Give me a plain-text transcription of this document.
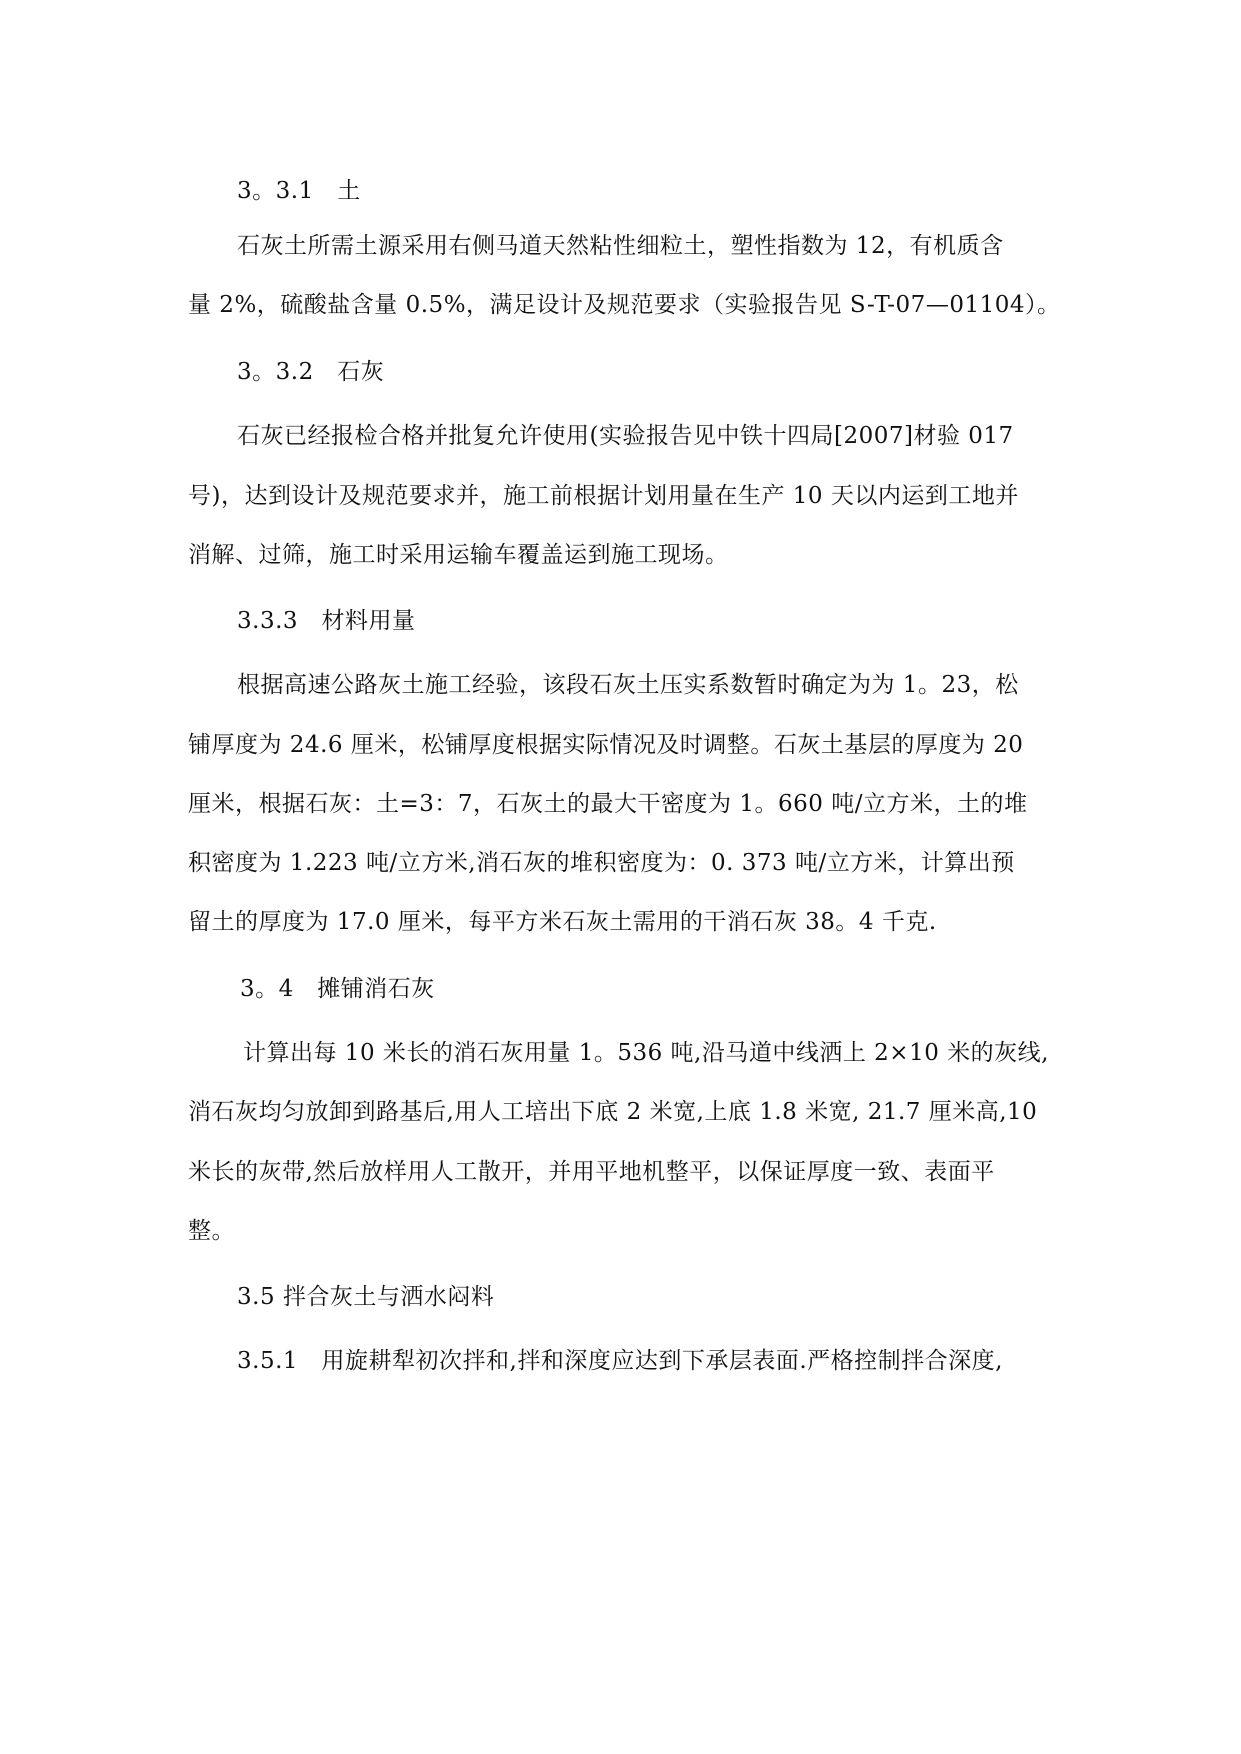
3。3.1　土
石灰土所需土源采用右侧马道天然粘性细粒土，塑性指数为 12，有机质含
量 2%，硫酸盐含量 0.5%，满足设计及规范要求（实验报告见 S-T-07—01104）。
3。3.2　石灰
石灰已经报检合格并批复允许使用(实验报告见中铁十四局[2007]材验 017
号)，达到设计及规范要求并，施工前根据计划用量在生产 10 天以内运到工地并
消解、过筛，施工时采用运输车覆盖运到施工现场。
3.3.3　材料用量
根据高速公路灰土施工经验，该段石灰土压实系数暂时确定为为 1。23，松
铺厚度为 24.6 厘米，松铺厚度根据实际情况及时调整。石灰土基层的厚度为 20
厘米，根据石灰：土=3：7，石灰土的最大干密度为 1。660 吨/立方米，土的堆
积密度为 1.223 吨/立方米,消石灰的堆积密度为：0. 373 吨/立方米，计算出预
留土的厚度为 17.0 厘米，每平方米石灰土需用的干消石灰 38。4 千克.
3。4　摊铺消石灰
计算出每 10 米长的消石灰用量 1。536 吨,沿马道中线洒上 2×10 米的灰线,
消石灰均匀放卸到路基后,用人工培出下底 2 米宽,上底 1.8 米宽, 21.7 厘米高,10
米长的灰带,然后放样用人工散开，并用平地机整平，以保证厚度一致、表面平
整。
3.5 拌合灰土与洒水闷料
3.5.1　用旋耕犁初次拌和,拌和深度应达到下承层表面.严格控制拌合深度,
